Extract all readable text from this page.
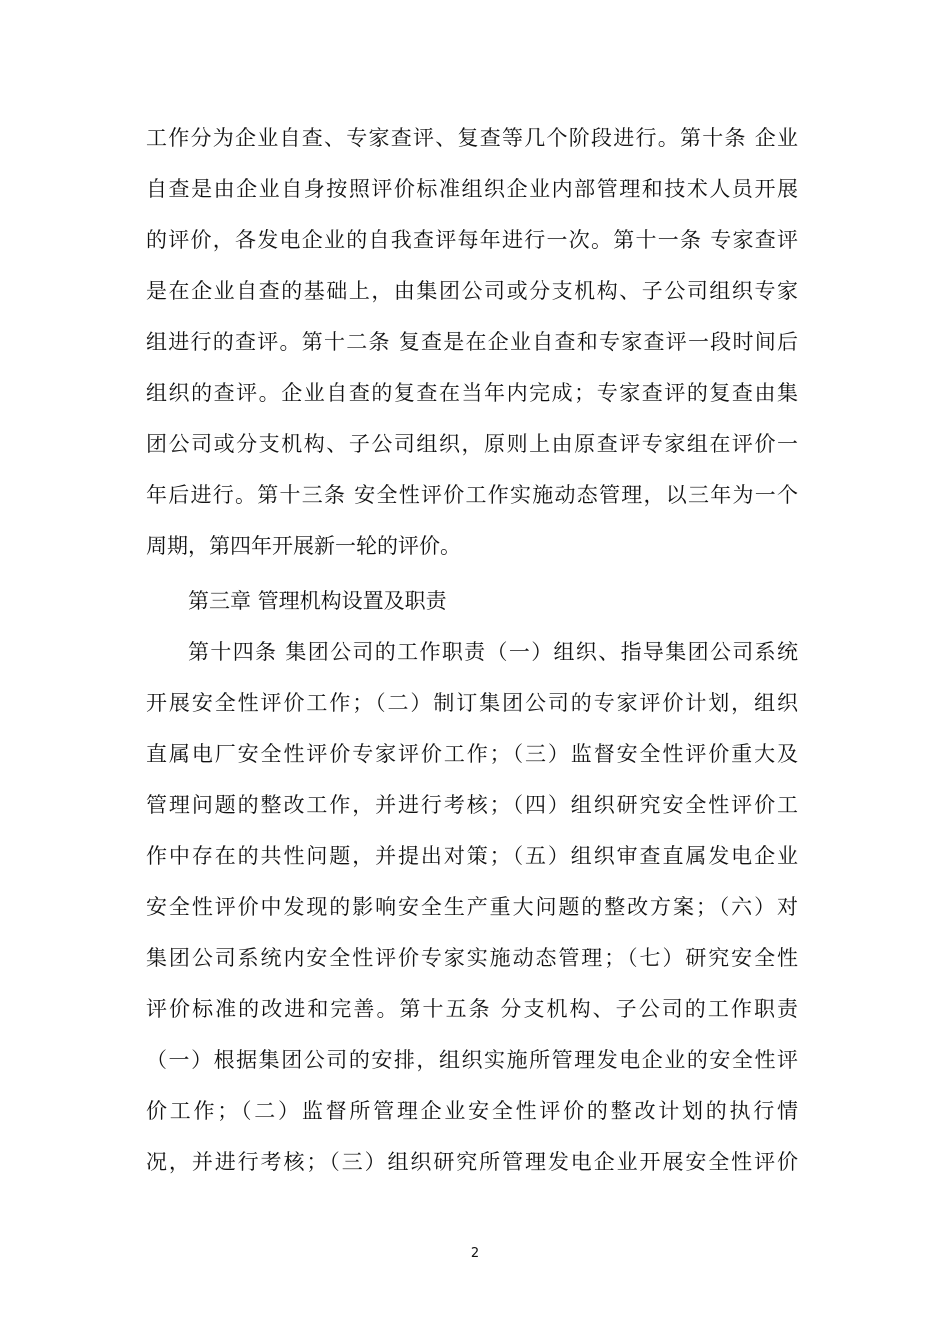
工作分为企业自查、专家查评、复查等几个阶段进行。第十条 企业
自查是由企业自身按照评价标准组织企业内部管理和技术人员开展
的评价，各发电企业的自我查评每年进行一次。第十一条 专家查评
是在企业自查的基础上，由集团公司或分支机构、子公司组织专家
组进行的查评。第十二条 复查是在企业自查和专家查评一段时间后
组织的查评。企业自查的复查在当年内完成；专家查评的复查由集
团公司或分支机构、子公司组织，原则上由原查评专家组在评价一
年后进行。第十三条 安全性评价工作实施动态管理，以三年为一个
周期，第四年开展新一轮的评价。
第三章 管理机构设置及职责
第十四条 集团公司的工作职责（一）组织、指导集团公司系统
开展安全性评价工作；（二）制订集团公司的专家评价计划，组织
直属电厂安全性评价专家评价工作；（三）监督安全性评价重大及
管理问题的整改工作，并进行考核；（四）组织研究安全性评价工
作中存在的共性问题，并提出对策；（五）组织审查直属发电企业
安全性评价中发现的影响安全生产重大问题的整改方案；（六）对
集团公司系统内安全性评价专家实施动态管理；（七）研究安全性
评价标准的改进和完善。第十五条 分支机构、子公司的工作职责
（一）根据集团公司的安排，组织实施所管理发电企业的安全性评
价工作；（二）监督所管理企业安全性评价的整改计划的执行情
况，并进行考核；（三）组织研究所管理发电企业开展安全性评价
2
